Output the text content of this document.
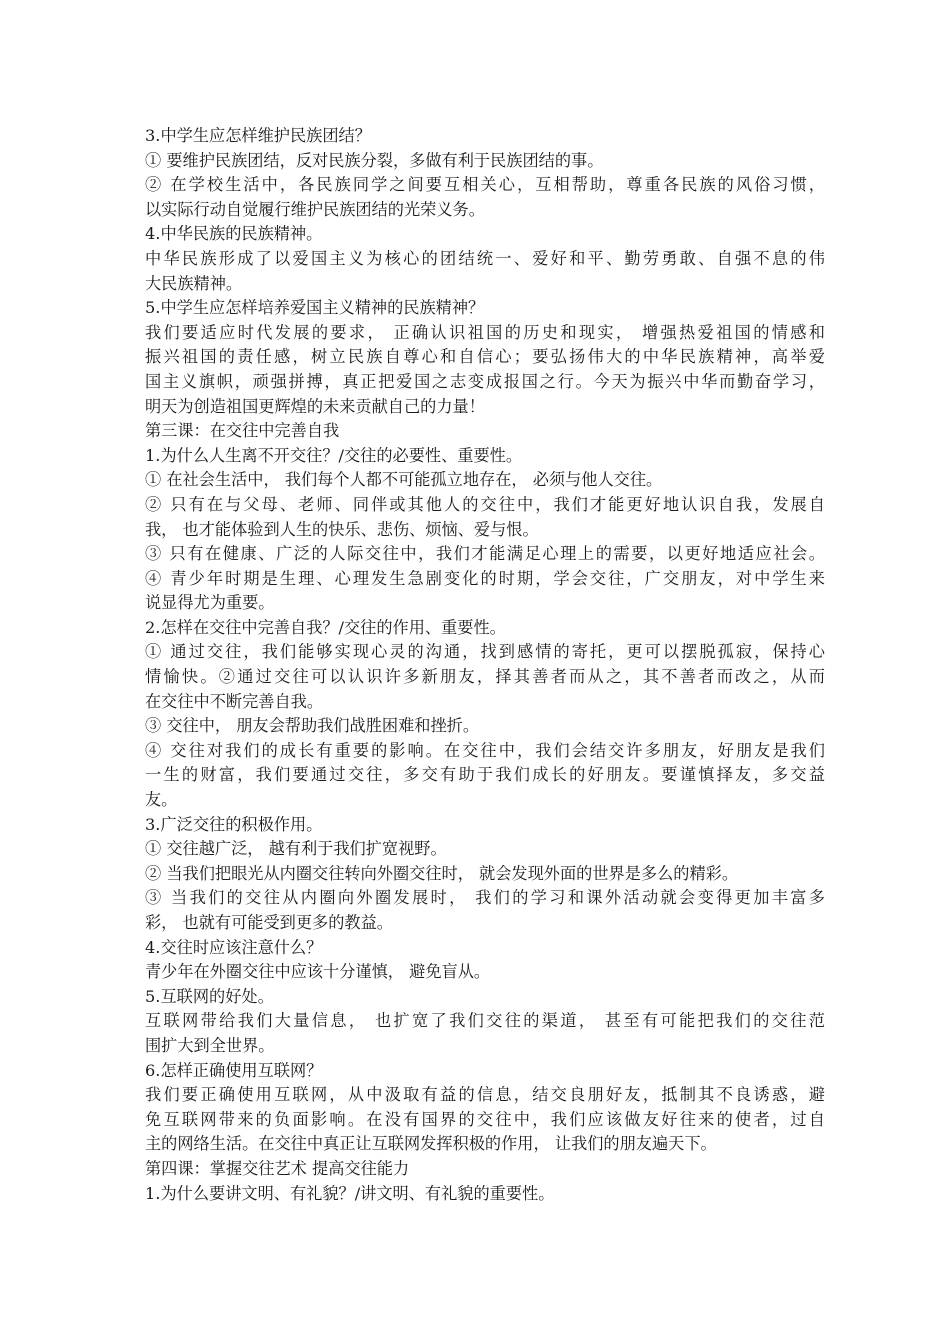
3.中学生应怎样维护民族团结？
① 要维护民族团结，反对民族分裂，多做有利于民族团结的事。
② 在学校生活中，各民族同学之间要互相关心，互相帮助，尊重各民族的风俗习惯，
以实际行动自觉履行维护民族团结的光荣义务。
4.中华民族的民族精神。
中华民族形成了以爱国主义为核心的团结统一、爱好和平、勤劳勇敢、自强不息的伟
大民族精神。
5.中学生应怎样培养爱国主义精神的民族精神？
我们要适应时代发展的要求， 正确认识祖国的历史和现实， 增强热爱祖国的情感和
振兴祖国的责任感，树立民族自尊心和自信心；要弘扬伟大的中华民族精神，高举爱
国主义旗帜，顽强拼搏，真正把爱国之志变成报国之行。今天为振兴中华而勤奋学习，
明天为创造祖国更辉煌的未来贡献自己的力量！
第三课：在交往中完善自我
1.为什么人生离不开交往？/交往的必要性、重要性。
① 在社会生活中， 我们每个人都不可能孤立地存在， 必须与他人交往。
② 只有在与父母、老师、同伴或其他人的交往中，我们才能更好地认识自我，发展自
我， 也才能体验到人生的快乐、悲伤、烦恼、爱与恨。
③ 只有在健康、广泛的人际交往中，我们才能满足心理上的需要，以更好地适应社会。
④ 青少年时期是生理、心理发生急剧变化的时期，学会交往，广交朋友，对中学生来
说显得尤为重要。
2.怎样在交往中完善自我？/交往的作用、重要性。
① 通过交往，我们能够实现心灵的沟通，找到感情的寄托，更可以摆脱孤寂，保持心
情愉快。②通过交往可以认识许多新朋友，择其善者而从之，其不善者而改之，从而
在交往中不断完善自我。
③ 交往中， 朋友会帮助我们战胜困难和挫折。
④ 交往对我们的成长有重要的影响。在交往中，我们会结交许多朋友，好朋友是我们
一生的财富，我们要通过交往，多交有助于我们成长的好朋友。要谨慎择友，多交益
友。
3.广泛交往的积极作用。
① 交往越广泛， 越有利于我们扩宽视野。
② 当我们把眼光从内圈交往转向外圈交往时， 就会发现外面的世界是多么的精彩。
③ 当我们的交往从内圈向外圈发展时， 我们的学习和课外活动就会变得更加丰富多
彩， 也就有可能受到更多的教益。
4.交往时应该注意什么？
青少年在外圈交往中应该十分谨慎， 避免盲从。
5.互联网的好处。
互联网带给我们大量信息， 也扩宽了我们交往的渠道， 甚至有可能把我们的交往范
围扩大到全世界。
6.怎样正确使用互联网？
我们要正确使用互联网，从中汲取有益的信息，结交良朋好友，抵制其不良诱惑，避
免互联网带来的负面影响。在没有国界的交往中，我们应该做友好往来的使者，过自
主的网络生活。在交往中真正让互联网发挥积极的作用， 让我们的朋友遍天下。
第四课：掌握交往艺术 提高交往能力
1.为什么要讲文明、有礼貌？/讲文明、有礼貌的重要性。
